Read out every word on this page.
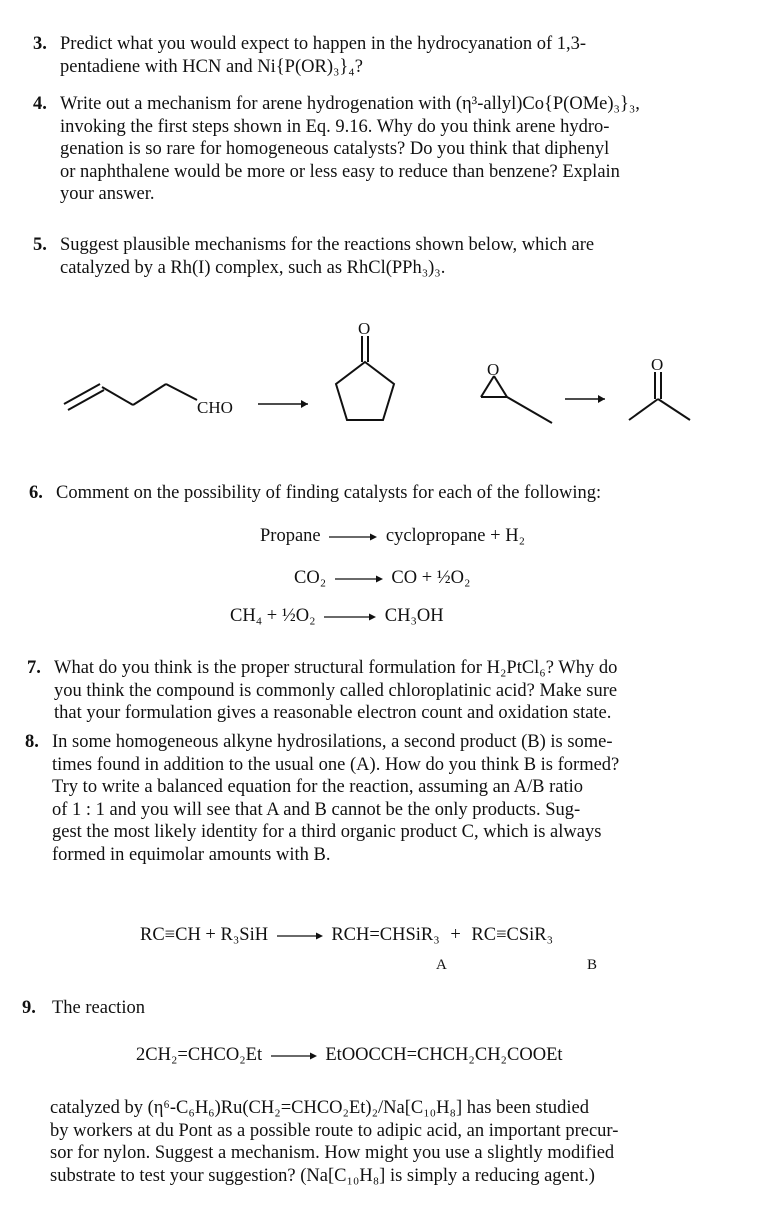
3. Predict what you would expect to happen in the hydrocyanation of 1,3-

pentadiene with HCN and Ni{P(OR)₃}₄?

4. Write out a mechanism for arene hydrogenation with (η³-allyl)Co{P(OMe)₃}₃,

invoking the first steps shown in Eq. 9.16. Why do you think arene hydro-

genation is so rare for homogeneous catalysts? Do you think that diphenyl

or naphthalene would be more or less easy to reduce than benzene? Explain

your answer.

5. Suggest plausible mechanisms for the reactions shown below, which are

catalyzed by a Rh(I) complex, such as RhCl(PPh₃)₃.

CHO
O
O	O
6. Comment on the possibility of finding catalysts for each of the following:

Propane → cyclopropane + H₂
CO₂ → CO + ½O₂
CH₄ + ½O₂ → CH₃OH
7. What do you think is the proper structural formulation for H₂PtCl₆? Why do

you think the compound is commonly called chloroplatinic acid? Make sure

that your formulation gives a reasonable electron count and oxidation state.

8. In some homogeneous alkyne hydrosilations, a second product (B) is some-

times found in addition to the usual one (A). How do you think B is formed?

Try to write a balanced equation for the reaction, assuming an A/B ratio

of 1 : 1 and you will see that A and B cannot be the only products. Sug-

gest the most likely identity for a third organic product C, which is always

formed in equimolar amounts with B.

RC≡CH + R₃SiH → RCH=CHSiR₃ + RC≡CSiR₃
A	B
9. The reaction

2CH₂=CHCO₂Et → EtOOCCH=CHCH₂CH₂COOEt

catalyzed by (η⁶-C₆H₆)Ru(CH₂=CHCO₂Et)₂/Na[C₁₀H₈] has been studied

by workers at du Pont as a possible route to adipic acid, an important precur-

sor for nylon. Suggest a mechanism. How might you use a slightly modified

substrate to test your suggestion? (Na[C₁₀H₈] is simply a reducing agent.)
